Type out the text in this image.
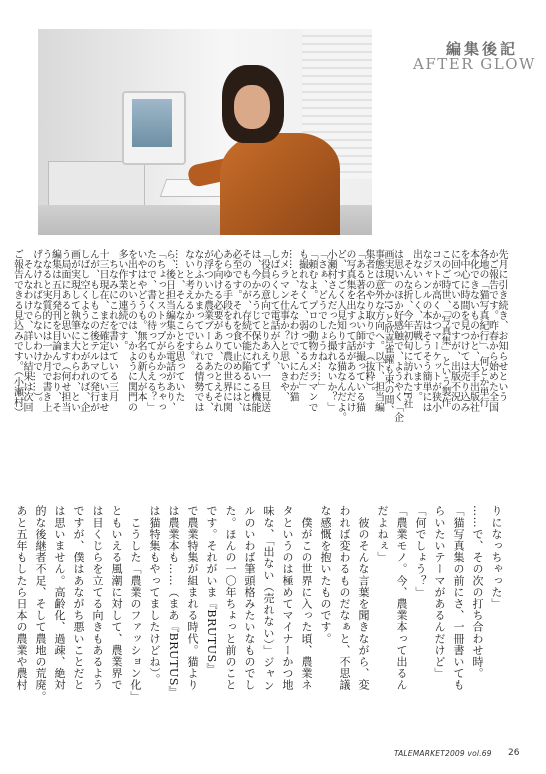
編集後記
AFTER GLOW
先月に引き続き、お知らせという
かご報告です。昨春から始めた全国
各地の「猫写真紀行」、何とか単行
本化できないものかと、大手出版社
を中心に時間を見つけては売り込み
に回っているのですが、出版不況の
このご時世、「写真集」という製作
コストが高くかつマーケットが狭小
なジャンルの本はそうそう簡単には
出ないらしく、苦戦しています。
　そんな折、今年初旬に訪れたF社
は思いのほか好感触で、ようやく「企
画実現」か!? と欣喜雀躍も束の間、
事態は意外な方向へ。以下、担当編
集者とのやり取りです（抜粋）。
「ある著名なよい師が撮っている猫
の写真集を出すって話があるんだけ
ど、すごく人見知りする猫なんだよ。
小瀬村さんだったら撮れないか？」
「さぁ、どうでしょうね……」
「頼むよ。プロの動物カメラマンで
も撮れなくて、弱ってるんだ」
……と、そんなわけで、にわか猫
カメラマン仕事か？と思いきや、
しばらくして電話が入り、
「役員の意向でとりあえず一旦見送
は、今かろうじて保たれている機能
そのものが、存続不能に陥ることは
必至です。それを食い止めるには、
あらゆる手段をもって農の世界に関
心を向ける必要があり、たとえそれ
が浮ついた農業ブームであっても、
なりふりかまっていられる情勢では
ないと考えるからです。
……と、そんなことを思っていた
ら、後日担当編集から電話があり、
「ちょっとストップがかかっちゃっ
たので、書くの待ってもらえる？」
いやはやどうも。無名の新人が本
を出すというのは、かように関門の
多い作業の連続です。
　ちなみにこれを書いている三月
十三日現在、まだ確定はしていませ
んが、もしもこの後テルマの発行が
しばし空くようなことがあれば、企
画が実現して執筆に大わらわ、とい
う局面にあると思います（何せ担当
編集は五月発刊を目論んでおり、そ
うなると実質的には一か月で書き上
げなければならないわけで……）。
　そんなわけで、詳しい結果は次回
ご報告できる見込みです。（小瀬村）
りになっちゃった」
……で、その次の打ち合わせ時。
「猫写真集の前にさ、一冊書いても
らいたいテーマがあるんだけど」
「何でしょう？」
「農業モノ。今、農業本って出るん
だよねぇ」
　彼のそんな言葉を聞きながら、変
われば変わるものだなぁと、不思議
な感慨を抱いたものです。
　僕がこの世界に入った頃、農業ネ
タというのは極めてマイナーかつ地
味な、「出ない（売れない）」ジャン
ルのいわば筆頭格みたいなものでし
た。ほんの一〇年ちょっと前のこと
です。それがいま『BRUTUS』
で農業特集が組まれる時代。猫より
は農業本も……（まあ『BRUTUS』
は猫特集もやってましたけどね）。
　こうした「農業のファッション化」
ともいえる風潮に対して、農業界で
は目くじらを立てる向きもあるよう
ですが、僕はあながち悪いことだと
は思いません。高齢化、過疎、絶対
的な後継者不足、そして農地の荒廃。
あと五年もしたら日本の農業や農村
TALEMARKET2009 vol.69 26
